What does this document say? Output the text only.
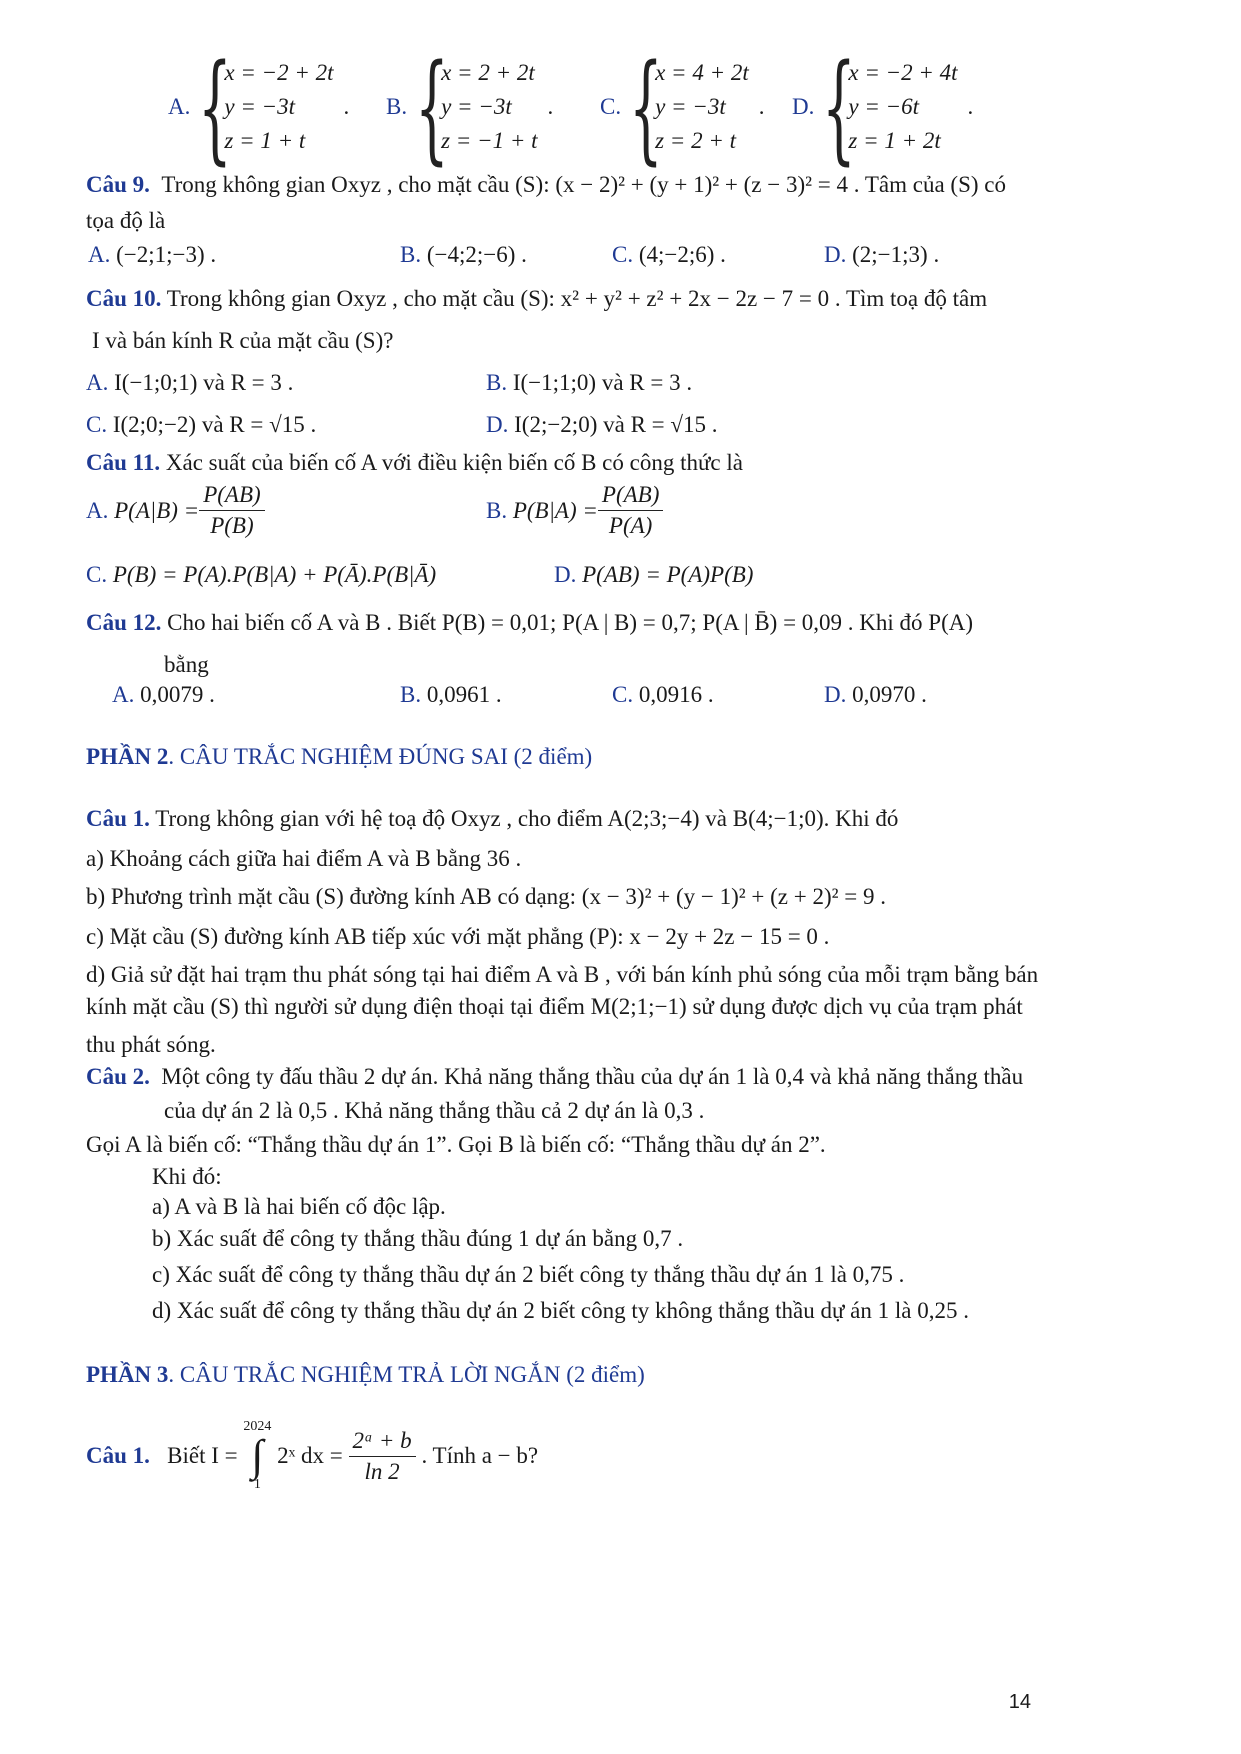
A. {
x = −2 + 2t
y = −3t
z = 1 + t
. B. {
x = 2 + 2t
y = −3t
z = −1 + t
. C. {
x = 4 + 2t
y = −3t
z = 2 + t
. D. {
x = −2 + 4t
y = −6t
z = 1 + 2t
.
Câu 9. Trong không gian Oxyz , cho mặt cầu (S): (x − 2)² + (y + 1)² + (z − 3)² = 4 . Tâm của (S) có
tọa độ là
A. (−2;1;−3) .	B. (−4;2;−6) .	C. (4;−2;6) .	D. (2;−1;3) .
Câu 10. Trong không gian Oxyz , cho mặt cầu (S): x² + y² + z² + 2x − 2z − 7 = 0 . Tìm toạ độ tâm
I và bán kính R của mặt cầu (S)?
A. I(−1;0;1) và R = 3 .	B. I(−1;1;0) và R = 3 .
C. I(2;0;−2) và R = √15 .	D. I(2;−2;0) và R = √15 .
Câu 11. Xác suất của biến cố A với điều kiện biến cố B có công thức là
A.
$P(A|B) = \frac{P(AB)}{P(B)}$	B.
$P(B|A) = \frac{P(AB)}{P(A)}$
C. P(B) = P(A).P(B|A) + P(Ā).P(B|Ā)	D. P(AB) = P(A)P(B)
Câu 12. Cho hai biến cố A và B . Biết P(B) = 0,01; P(A | B) = 0,7; P(A | B̄) = 0,09 . Khi đó P(A)
bằng
A. 0,0079 .	B. 0,0961 .	C. 0,0916 .	D. 0,0970 .
PHẦN 2. CÂU TRẮC NGHIỆM ĐÚNG SAI (2 điểm)
Câu 1. Trong không gian với hệ toạ độ Oxyz , cho điểm A(2;3;−4) và B(4;−1;0). Khi đó
a) Khoảng cách giữa hai điểm A và B bằng 36 .
b) Phương trình mặt cầu (S) đường kính AB có dạng: (x − 3)² + (y − 1)² + (z + 2)² = 9 .
c) Mặt cầu (S) đường kính AB tiếp xúc với mặt phẳng (P): x − 2y + 2z − 15 = 0 .
d) Giả sử đặt hai trạm thu phát sóng tại hai điểm A và B , với bán kính phủ sóng của mỗi trạm bằng bán
kính mặt cầu (S) thì người sử dụng điện thoại tại điểm M(2;1;−1) sử dụng được dịch vụ của trạm phát
thu phát sóng.
Câu 2. Một công ty đấu thầu 2 dự án. Khả năng thắng thầu của dự án 1 là 0,4 và khả năng thắng thầu
của dự án 2 là 0,5 . Khả năng thắng thầu cả 2 dự án là 0,3 .
Gọi A là biến cố: “Thắng thầu dự án 1”. Gọi B là biến cố: “Thắng thầu dự án 2”.
Khi đó:
a) A và B là hai biến cố độc lập.
b) Xác suất để công ty thắng thầu đúng 1 dự án bằng 0,7 .
c) Xác suất để công ty thắng thầu dự án 2 biết công ty thắng thầu dự án 1 là 0,75 .
d) Xác suất để công ty thắng thầu dự án 2 biết công ty không thắng thầu dự án 1 là 0,25 .
PHẦN 3. CÂU TRẮC NGHIỆM TRẢ LỜI NGẮN (2 điểm)
Câu 1.
Biết I =

2024
∫
1

2ˣ dx =
$\frac{\text{2ᵃ + b}}{\ln 2}$
. Tính a − b?
14
